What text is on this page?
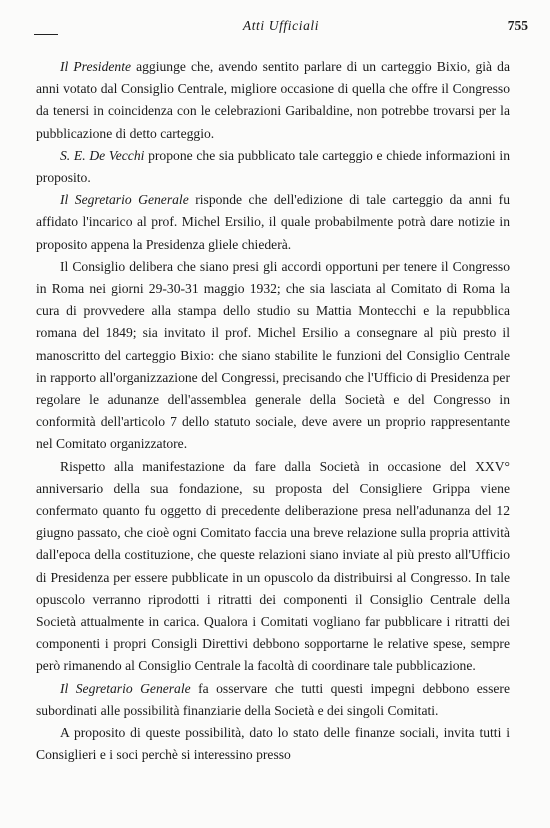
Atti Ufficiali	755

Il Presidente aggiunge che, avendo sentito parlare di un carteggio Bixio, già da anni votato dal Consiglio Centrale, migliore occasione di quella che offre il Congresso da tenersi in coincidenza con le celebrazioni Garibaldine, non potrebbe trovarsi per la pubblicazione di detto carteggio.

S. E. De Vecchi propone che sia pubblicato tale carteggio e chiede informazioni in proposito.

Il Segretario Generale risponde che dell'edizione di tale carteggio da anni fu affidato l'incarico al prof. Michel Ersilio, il quale probabilmente potrà dare notizie in proposito appena la Presidenza gliele chiederà.

Il Consiglio delibera che siano presi gli accordi opportuni per tenere il Congresso in Roma nei giorni 29-30-31 maggio 1932; che sia lasciata al Comitato di Roma la cura di provvedere alla stampa dello studio su Mattia Montecchi e la repubblica romana del 1849; sia invitato il prof. Michel Ersilio a consegnare al più presto il manoscritto del carteggio Bixio: che siano stabilite le funzioni del Consiglio Centrale in rapporto all'organizzazione del Congressi, precisando che l'Ufficio di Presidenza per regolare le adunanze dell'assemblea generale della Società e del Congresso in conformità dell'articolo 7 dello statuto sociale, deve avere un proprio rappresentante nel Comitato organizzatore.

Rispetto alla manifestazione da fare dalla Società in occasione del XXV° anniversario della sua fondazione, su proposta del Consigliere Grippa viene confermato quanto fu oggetto di precedente deliberazione presa nell'adunanza del 12 giugno passato, che cioè ogni Comitato faccia una breve relazione sulla propria attività dall'epoca della costituzione, che queste relazioni siano inviate al più presto all'Ufficio di Presidenza per essere pubblicate in un opuscolo da distribuirsi al Congresso. In tale opuscolo verranno riprodotti i ritratti dei componenti il Consiglio Centrale della Società attualmente in carica. Qualora i Comitati vogliano far pubblicare i ritratti dei componenti i propri Consigli Direttivi debbono sopportarne le relative spese, sempre però rimanendo al Consiglio Centrale la facoltà di coordinare tale pubblicazione.

Il Segretario Generale fa osservare che tutti questi impegni debbono essere subordinati alle possibilità finanziarie della Società e dei singoli Comitati.

A proposito di queste possibilità, dato lo stato delle finanze sociali, invita tutti i Consiglieri e i soci perchè si interessino presso
